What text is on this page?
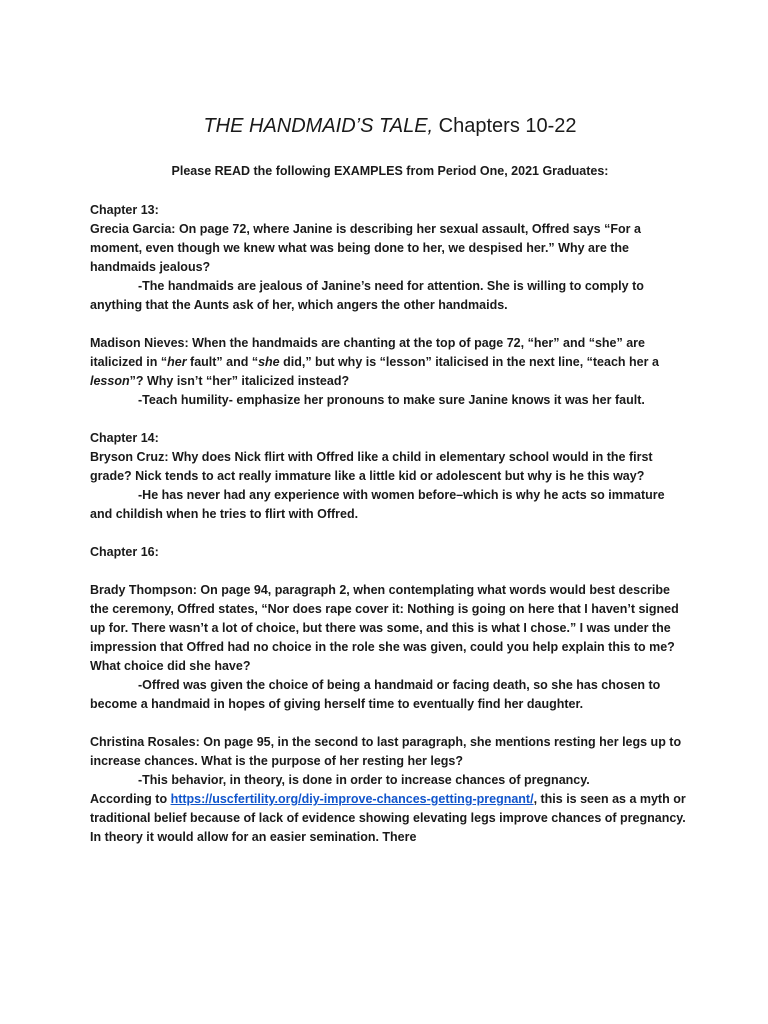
THE HANDMAID’S TALE, Chapters 10-22

Please READ the following EXAMPLES from Period One, 2021 Graduates:

Chapter 13:

Grecia Garcia: On page 72, where Janine is describing her sexual assault, Offred says “For a moment, even though we knew what was being done to her, we despised her.” Why are the handmaids jealous?

-The handmaids are jealous of Janine’s need for attention. She is willing to comply to anything that the Aunts ask of her, which angers the other handmaids.

Madison Nieves: When the handmaids are chanting at the top of page 72, “her” and “she” are italicized in “her fault” and “she did,” but why is “lesson” italicised in the next line, “teach her a lesson”? Why isn’t “her” italicized instead?

-Teach humility- emphasize her pronouns to make sure Janine knows it was her fault.

Chapter 14:

Bryson Cruz: Why does Nick flirt with Offred like a child in elementary school would in the first grade? Nick tends to act really immature like a little kid or adolescent but why is he this way?

-He has never had any experience with women before–which is why he acts so immature and childish when he tries to flirt with Offred.

Chapter 16:

Brady Thompson: On page 94, paragraph 2, when contemplating what words would best describe the ceremony, Offred states, “Nor does rape cover it: Nothing is going on here that I haven’t signed up for. There wasn’t a lot of choice, but there was some, and this is what I chose.” I was under the impression that Offred had no choice in the role she was given, could you help explain this to me? What choice did she have?

-Offred was given the choice of being a handmaid or facing death, so she has chosen to become a handmaid in hopes of giving herself time to eventually find her daughter.

Christina Rosales: On page 95, in the second to last paragraph, she mentions resting her legs up to increase chances. What is the purpose of her resting her legs?

-This behavior, in theory, is done in order to increase chances of pregnancy.

According to https://uscfertility.org/diy-improve-chances-getting-pregnant/, this is seen as a myth or traditional belief because of lack of evidence showing elevating legs improve chances of pregnancy. In theory it would allow for an easier semination. There
